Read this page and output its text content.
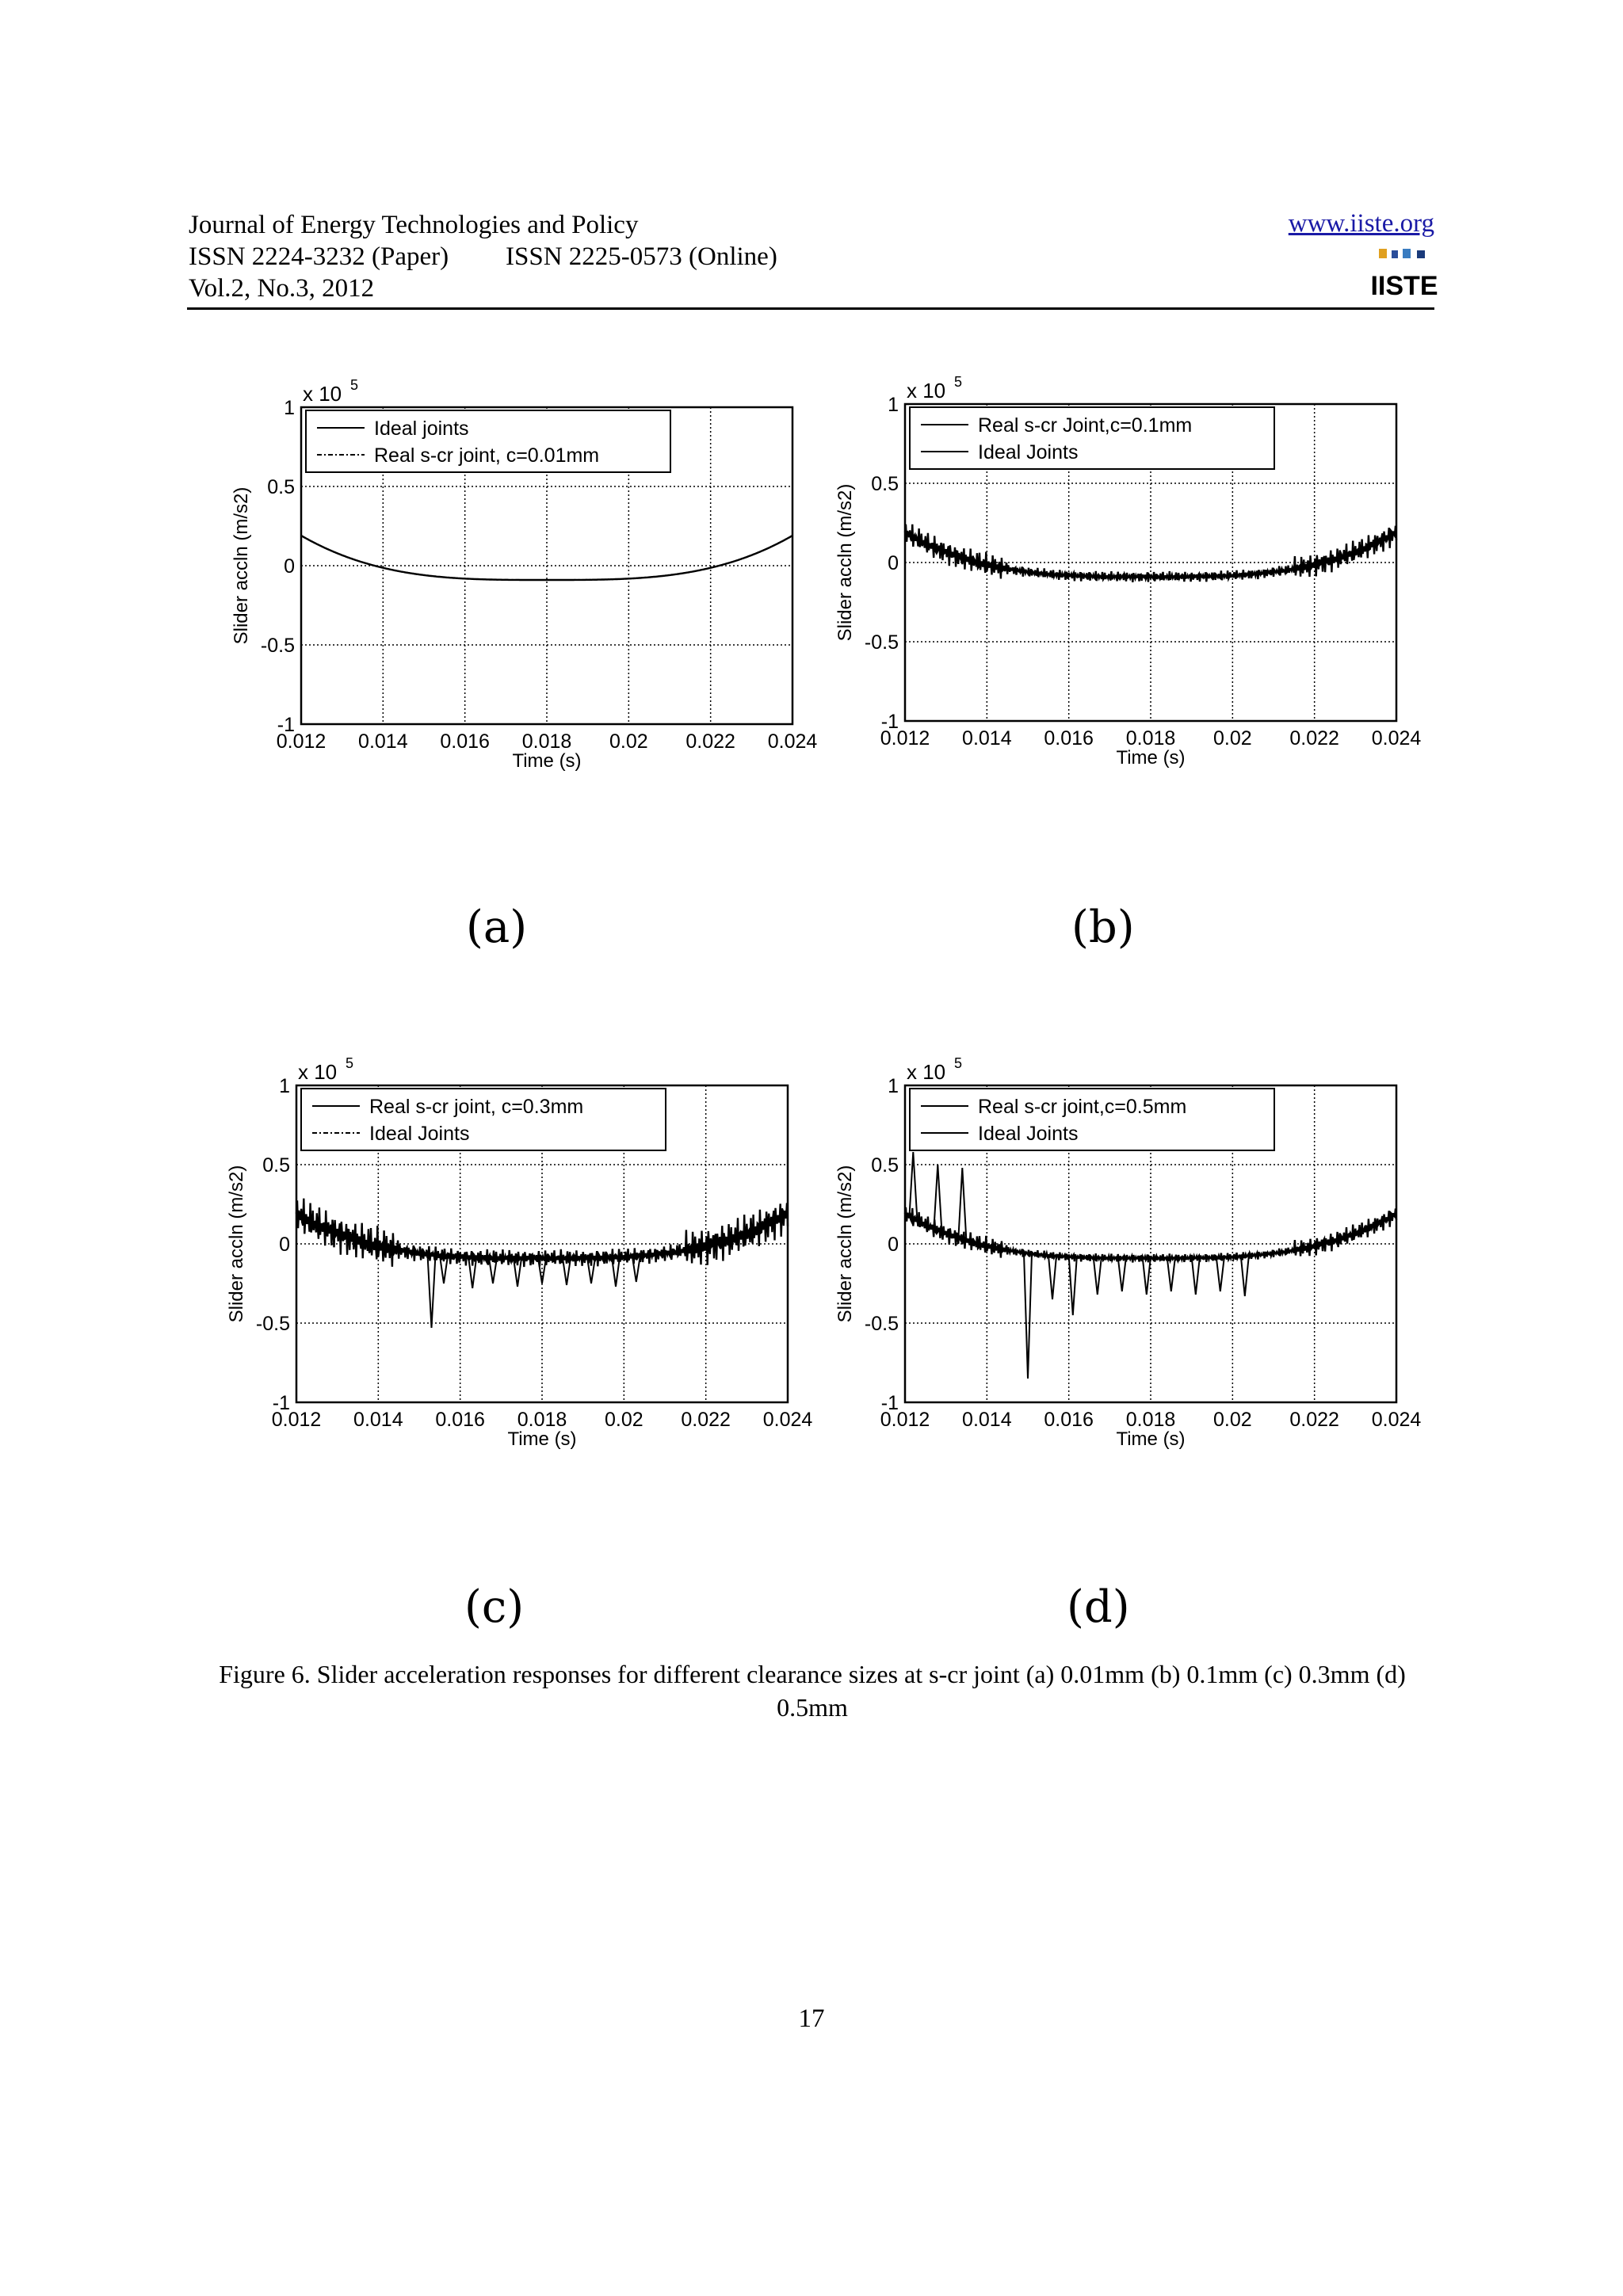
Journal of Energy Technologies and Policy
ISSN 2224-3232 (Paper) ISSN 2225-0573 (Online)
Vol.2, No.3, 2012
www.iiste.org
IISTE
0.012 0.014 0.016 0.018 0.02 0.022 0.024
-1
-0.5
0
0.5
1
x 10 5
Time (s)
Slider accln (m/s2)
Ideal joints
Real s-cr joint, c=0.01mm
0.012 0.014 0.016 0.018 0.02 0.022 0.024
-1
-0.5
0
0.5
1
x 10 5
Time (s)
Slider accln (m/s2)
Real s-cr Joint,c=0.1mm
Ideal Joints
0.012 0.014 0.016 0.018 0.02 0.022 0.024
-1
-0.5
0
0.5
1
x 10 5
Time (s)
Slider accln (m/s2)
Real s-cr joint, c=0.3mm
Ideal Joints
0.012 0.014 0.016 0.018 0.02 0.022 0.024
-1
-0.5
0
0.5
1
x 10 5
Time (s)
Slider accln (m/s2)
Real s-cr joint,c=0.5mm
Ideal Joints
(a)	(b)
(c)	(d)
Figure 6. Slider acceleration responses for different clearance sizes at s-cr joint (a) 0.01mm (b) 0.1mm (c) 0.3mm (d)
0.5mm
17
